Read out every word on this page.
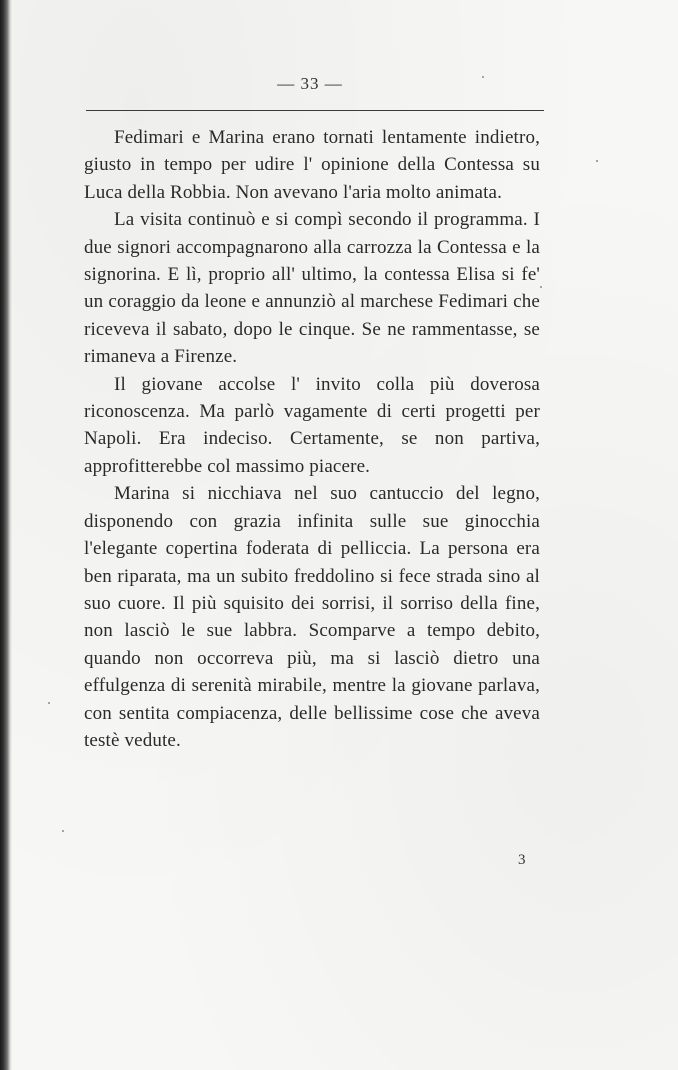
— 33 —

Fedimari e Marina erano tornati lentamente indietro, giusto in tempo per udire l' opinione della Contessa su Luca della Robbia. Non avevano l'aria molto animata.

La visita continuò e si compì secondo il programma. I due signori accompagnarono alla carrozza la Contessa e la signorina. E lì, proprio all' ultimo, la contessa Elisa si fe' un coraggio da leone e annunziò al marchese Fedimari che riceveva il sabato, dopo le cinque. Se ne rammentasse, se rimaneva a Firenze.

Il giovane accolse l' invito colla più doverosa riconoscenza. Ma parlò vagamente di certi progetti per Napoli. Era indeciso. Certamente, se non partiva, approfitterebbe col massimo piacere.

Marina si nicchiava nel suo cantuccio del legno, disponendo con grazia infinita sulle sue ginocchia l'elegante copertina foderata di pelliccia. La persona era ben riparata, ma un subito freddolino si fece strada sino al suo cuore. Il più squisito dei sorrisi, il sorriso della fine, non lasciò le sue labbra. Scomparve a tempo debito, quando non occorreva più, ma si lasciò dietro una effulgenza di serenità mirabile, mentre la giovane parlava, con sentita compiacenza, delle bellissime cose che aveva testè vedute.

3
